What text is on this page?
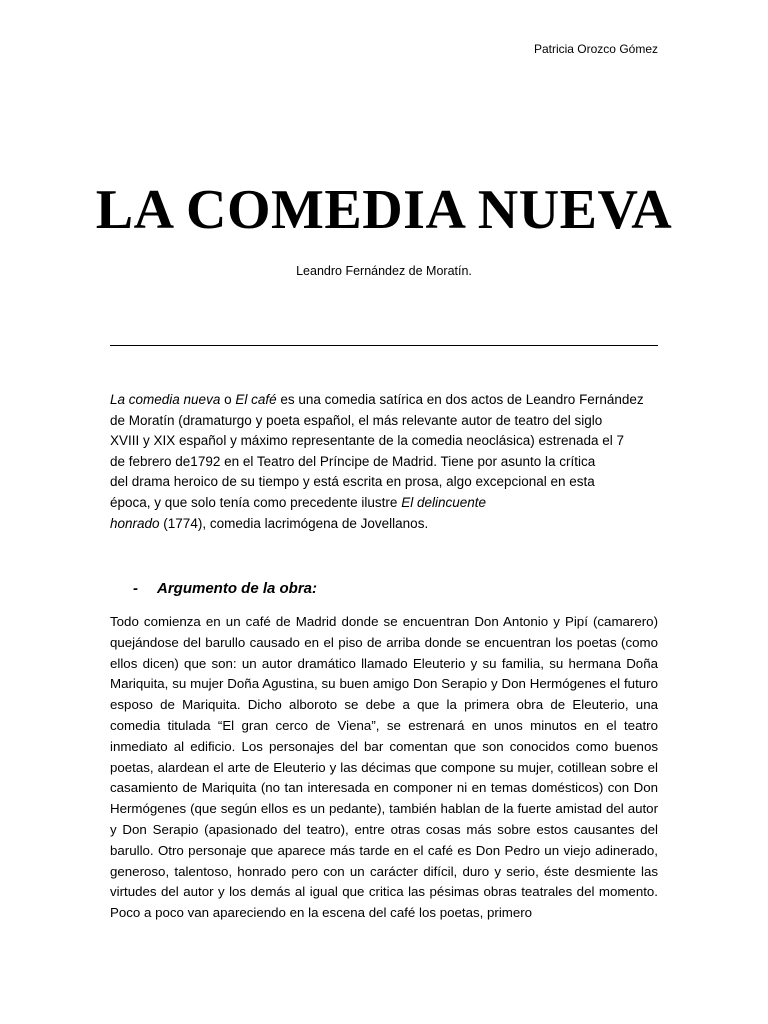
Patricia Orozco Gómez
LA COMEDIA NUEVA
Leandro Fernández de Moratín.
La comedia nueva o El café es una comedia satírica en dos actos de Leandro Fernández
de Moratín (dramaturgo y poeta español, el más relevante autor de teatro del siglo
XVIII y XIX español y máximo representante de la comedia neoclásica) estrenada el 7
de febrero de1792 en el Teatro del Príncipe de Madrid. Tiene por asunto la crítica
del drama heroico de su tiempo y está escrita en prosa, algo excepcional en esta
época, y que solo tenía como precedente ilustre El delincuente
honrado (1774), comedia lacrimógena de Jovellanos.
- Argumento de la obra:

Todo comienza en un café de Madrid donde se encuentran Don Antonio y Pipí (camarero) quejándose del barullo causado en el piso de arriba donde se encuentran los poetas (como ellos dicen) que son: un autor dramático llamado Eleuterio y su familia, su hermana Doña Mariquita, su mujer Doña Agustina, su buen amigo Don Serapio y Don Hermógenes el futuro esposo de Mariquita. Dicho alboroto se debe a que la primera obra de Eleuterio, una comedia titulada “El gran cerco de Viena”, se estrenará en unos minutos en el teatro inmediato al edificio. Los personajes del bar comentan que son conocidos como buenos poetas, alardean el arte de Eleuterio y las décimas que compone su mujer, cotillean sobre el casamiento de Mariquita (no tan interesada en componer ni en temas domésticos) con Don Hermógenes (que según ellos es un pedante), también hablan de la fuerte amistad del autor y Don Serapio (apasionado del teatro), entre otras cosas más sobre estos causantes del barullo. Otro personaje que aparece más tarde en el café es Don Pedro un viejo adinerado, generoso, talentoso, honrado pero con un carácter difícil, duro y serio, éste desmiente las virtudes del autor y los demás al igual que critica las pésimas obras teatrales del momento. Poco a poco van apareciendo en la escena del café los poetas, primero
